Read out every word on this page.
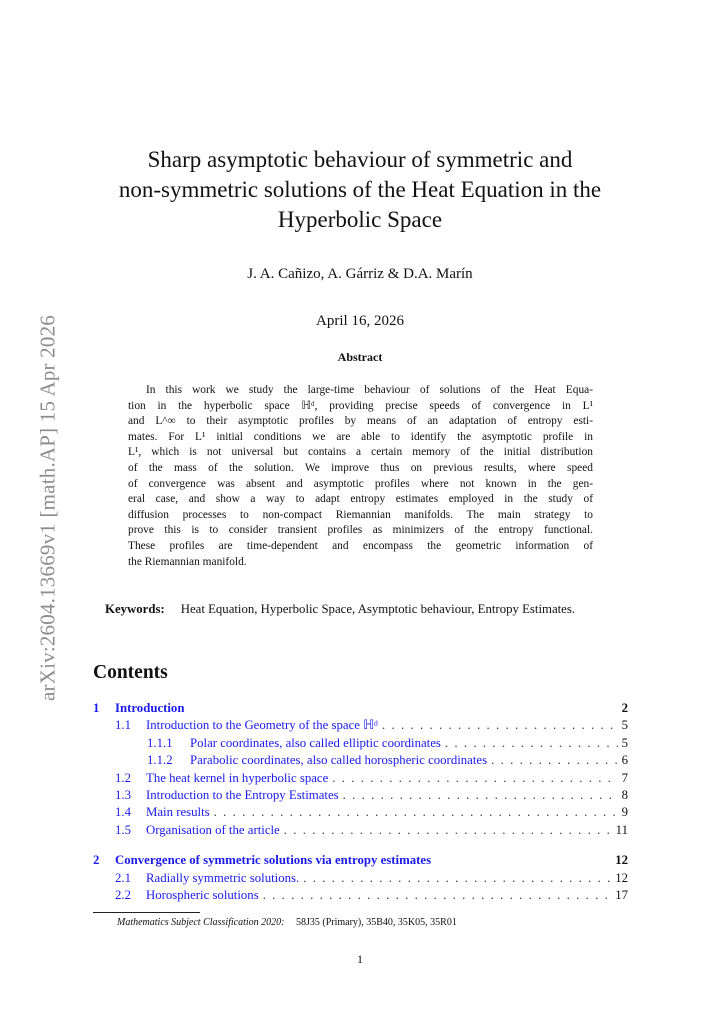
arXiv:2604.13669v1 [math.AP] 15 Apr 2026
Sharp asymptotic behaviour of symmetric and
non-symmetric solutions of the Heat Equation in the
Hyperbolic Space
J. A. Cañizo, A. Gárriz & D.A. Marín
April 16, 2026
Abstract
In this work we study the large-time behaviour of solutions of the Heat Equa-
tion in the hyperbolic space ℍᵈ, providing precise speeds of convergence in L¹
and L^∞ to their asymptotic profiles by means of an adaptation of entropy esti-
mates. For L¹ initial conditions we are able to identify the asymptotic profile in
L¹, which is not universal but contains a certain memory of the initial distribution
of the mass of the solution. We improve thus on previous results, where speed
of convergence was absent and asymptotic profiles where not known in the gen-
eral case, and show a way to adapt entropy estimates employed in the study of
diffusion processes to non-compact Riemannian manifolds. The main strategy to
prove this is to consider transient profiles as minimizers of the entropy functional.
These profiles are time-dependent and encompass the geometric information of
the Riemannian manifold.
Keywords: Heat Equation, Hyperbolic Space, Asymptotic behaviour, Entropy Estimates.
Contents
1	Introduction	2
1.1	Introduction to the Geometry of the space ℍᵈ . . .	5
1.1.1	Polar coordinates, also called elliptic coordinates . . .	5
1.1.2	Parabolic coordinates, also called horospheric coordinates . . .	6
1.2	The heat kernel in hyperbolic space . . .	7
1.3	Introduction to the Entropy Estimates . . .	8
1.4	Main results . . .	9
1.5	Organisation of the article . . .	11
2	Convergence of symmetric solutions via entropy estimates	12
2.1	Radially symmetric solutions. . . .	12
2.2	Horospheric solutions . . .	17
Mathematics Subject Classification 2020: 58J35 (Primary), 35B40, 35K05, 35R01
1
